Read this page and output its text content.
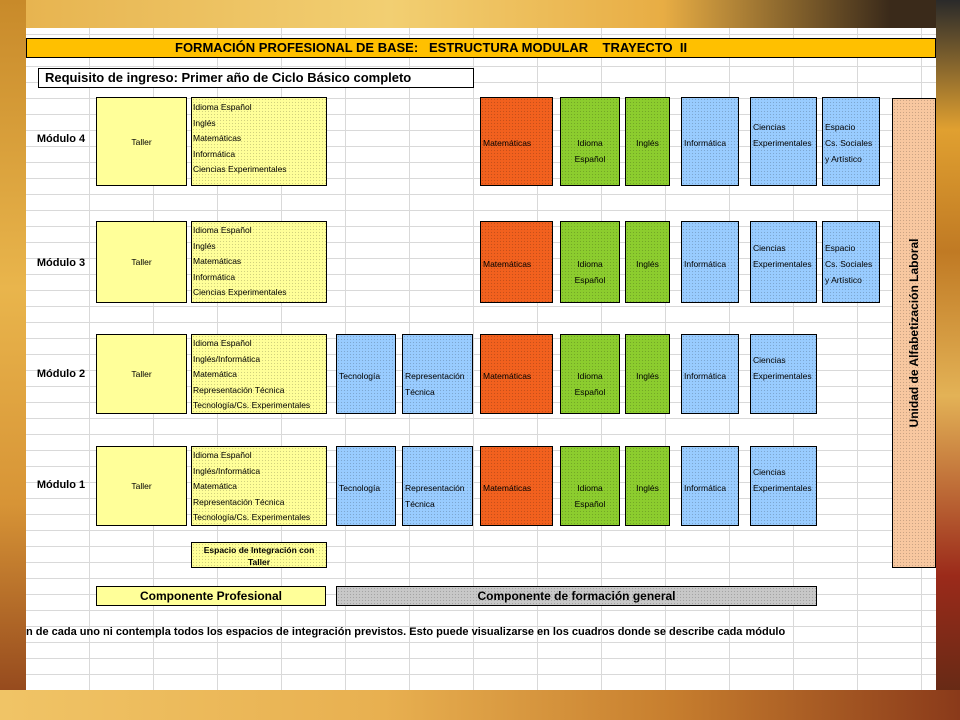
FORMACIÓN PROFESIONAL DE BASE:   ESTRUCTURA MODULAR    TRAYECTO  II
Requisito de ingreso: Primer año de Ciclo Básico completo
Módulo 4	Taller
Idioma Español
Inglés
Matemáticas
Informática
Ciencias Experimentales
Matemáticas	Idioma
Español
Inglés	Informática
Ciencias
Experimentales
Espacio
Cs. Sociales
y Artístico
Módulo 3	Taller
Idioma Español
Inglés
Matemáticas
Informática
Ciencias Experimentales
Matemáticas	Idioma
Español
Inglés	Informática
Ciencias
Experimentales
Espacio
Cs. Sociales
y Artístico
Módulo 2	Taller
Idioma Español
Inglés/Informática
Matemática
Representación Técnica
Tecnología/Cs. Experimentales
Tecnología	Representación
Técnica
Matemáticas	Idioma
Español
Inglés	Informática
Ciencias
Experimentales
Módulo 1	Taller
Idioma Español
Inglés/Informática
Matemática
Representación Técnica
Tecnología/Cs. Experimentales
Tecnología	Representación
Técnica
Matemáticas	Idioma
Español
Inglés	Informática
Ciencias
Experimentales
Espacio de Integración con
Taller
Unidad de Alfabetización Laboral
Componente Profesional	Componente de formación general
n de cada uno ni contempla todos los espacios de integración previstos. Esto puede visualizarse en los cuadros donde se describe cada módulo
